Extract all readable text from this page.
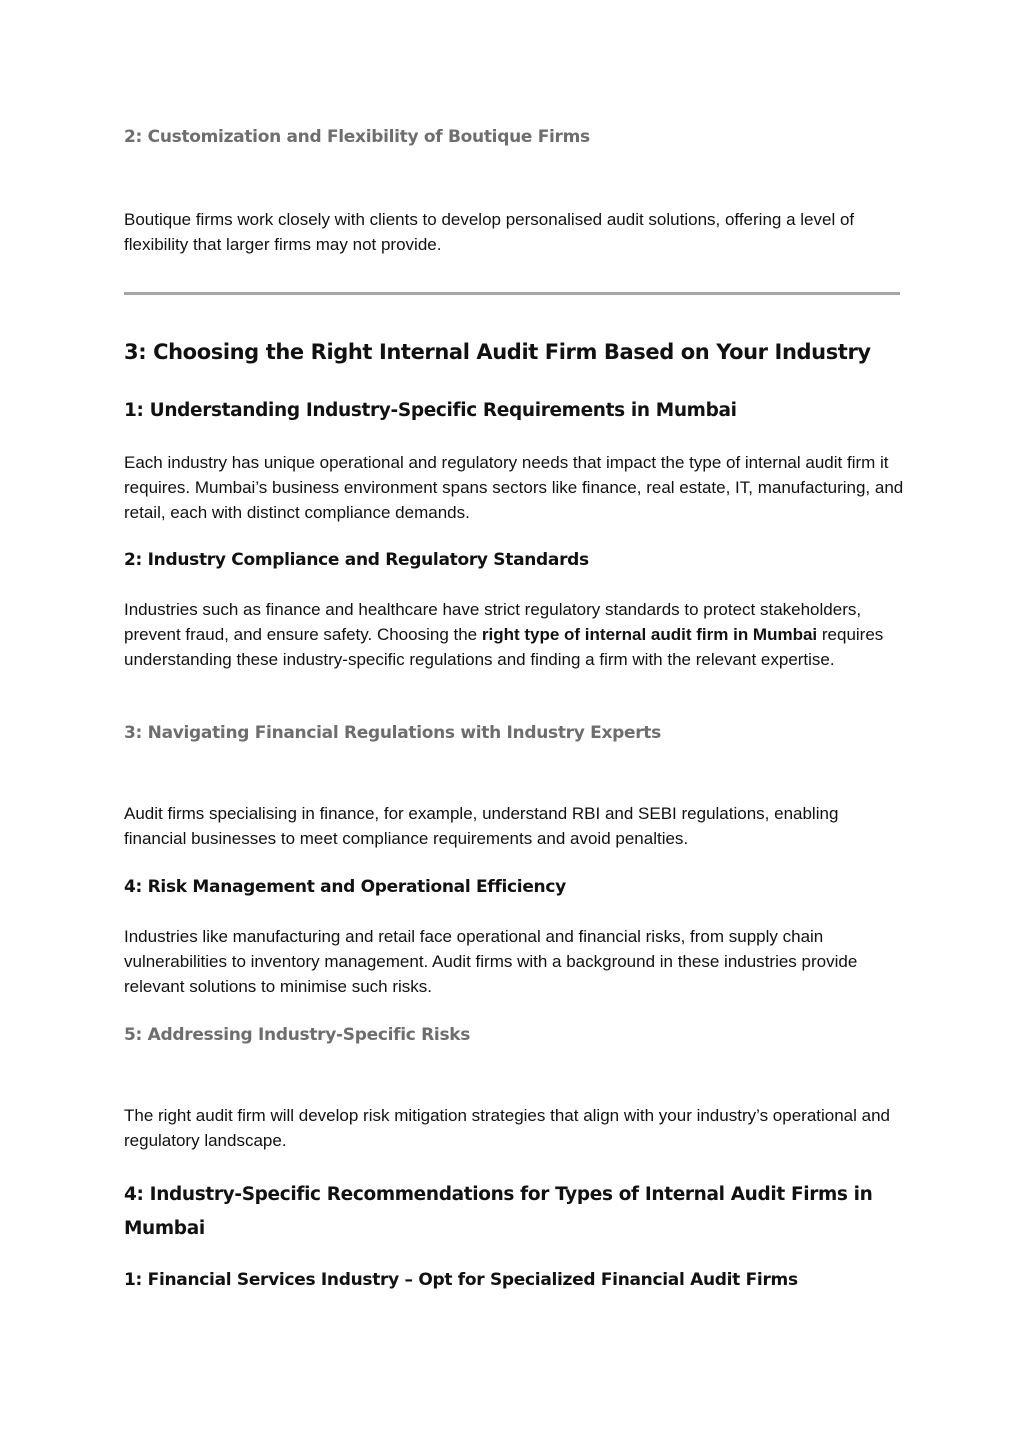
2: Customization and Flexibility of Boutique Firms

Boutique firms work closely with clients to develop personalised audit solutions, offering a level of flexibility that larger firms may not provide.

3: Choosing the Right Internal Audit Firm Based on Your Industry
1: Understanding Industry-Specific Requirements in Mumbai

Each industry has unique operational and regulatory needs that impact the type of internal audit firm it requires. Mumbai’s business environment spans sectors like finance, real estate, IT, manufacturing, and retail, each with distinct compliance demands.

2: Industry Compliance and Regulatory Standards

Industries such as finance and healthcare have strict regulatory standards to protect stakeholders, prevent fraud, and ensure safety. Choosing the right type of internal audit firm in Mumbai requires understanding these industry-specific regulations and finding a firm with the relevant expertise.

3: Navigating Financial Regulations with Industry Experts

Audit firms specialising in finance, for example, understand RBI and SEBI regulations, enabling financial businesses to meet compliance requirements and avoid penalties.

4: Risk Management and Operational Efficiency

Industries like manufacturing and retail face operational and financial risks, from supply chain vulnerabilities to inventory management. Audit firms with a background in these industries provide relevant solutions to minimise such risks.

5: Addressing Industry-Specific Risks

The right audit firm will develop risk mitigation strategies that align with your industry’s operational and regulatory landscape.

4: Industry-Specific Recommendations for Types of Internal Audit Firms in Mumbai
1: Financial Services Industry – Opt for Specialized Financial Audit Firms
